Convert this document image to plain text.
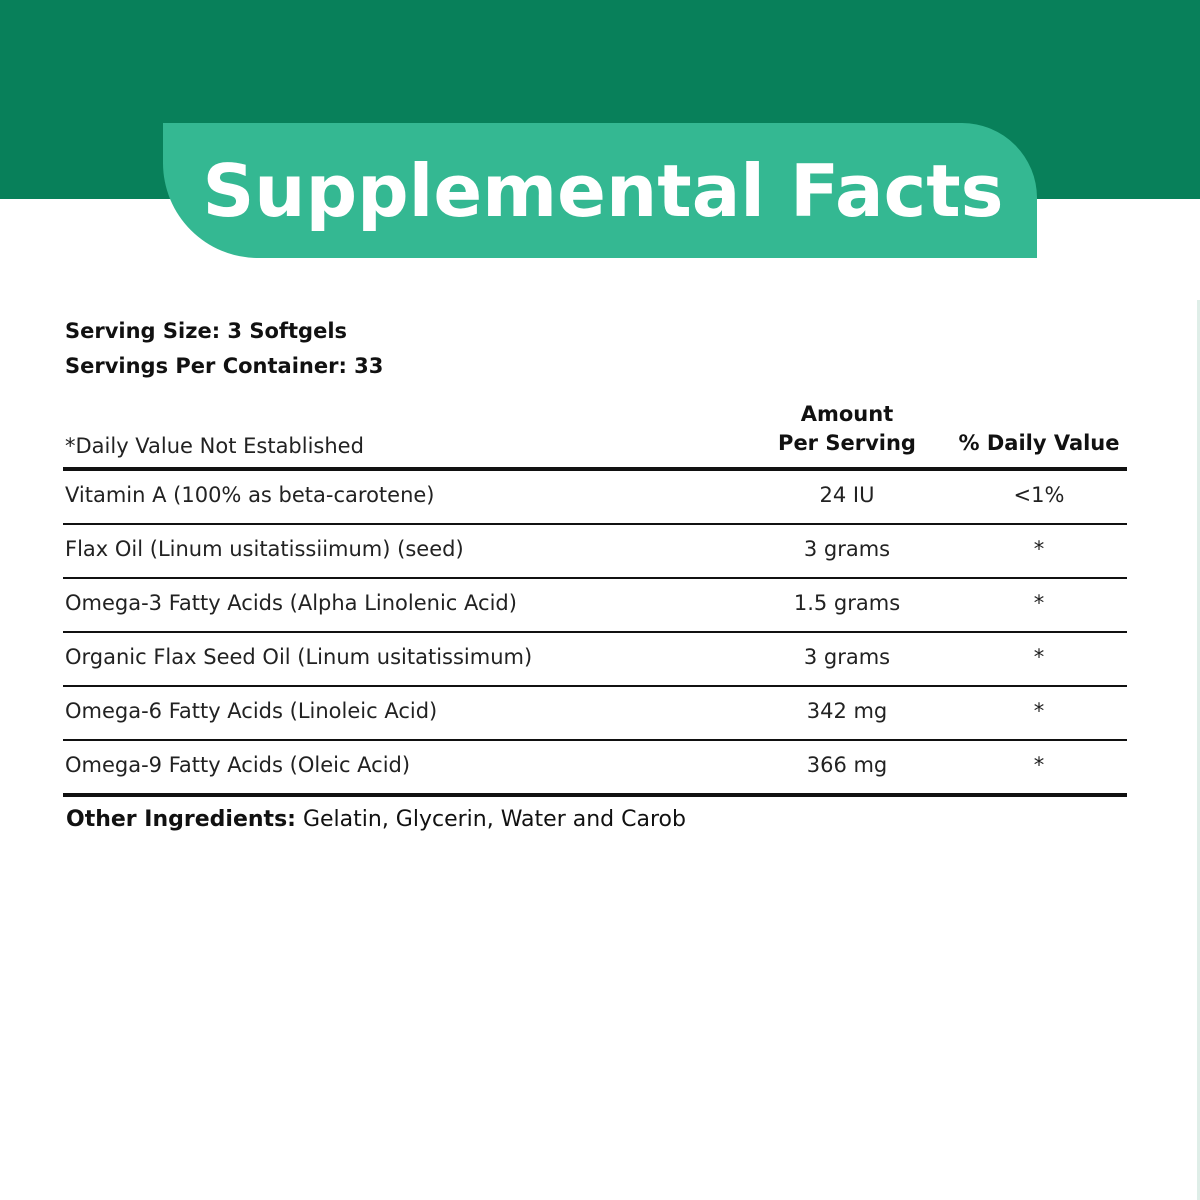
Supplemental Facts
Serving Size: 3 Softgels
Servings Per Container: 33
*Daily Value Not Established
Amount
Per Serving	% Daily Value
Vitamin A (100% as beta-carotene)	24 IU	<1%
Flax Oil (Linum usitatissiimum) (seed)	3 grams	*
Omega-3 Fatty Acids (Alpha Linolenic Acid)	1.5 grams	*
Organic Flax Seed Oil (Linum usitatissimum)	3 grams	*
Omega-6 Fatty Acids (Linoleic Acid)	342 mg	*
Omega-9 Fatty Acids (Oleic Acid)	366 mg	*
Other Ingredients: Gelatin, Glycerin, Water and Carob
